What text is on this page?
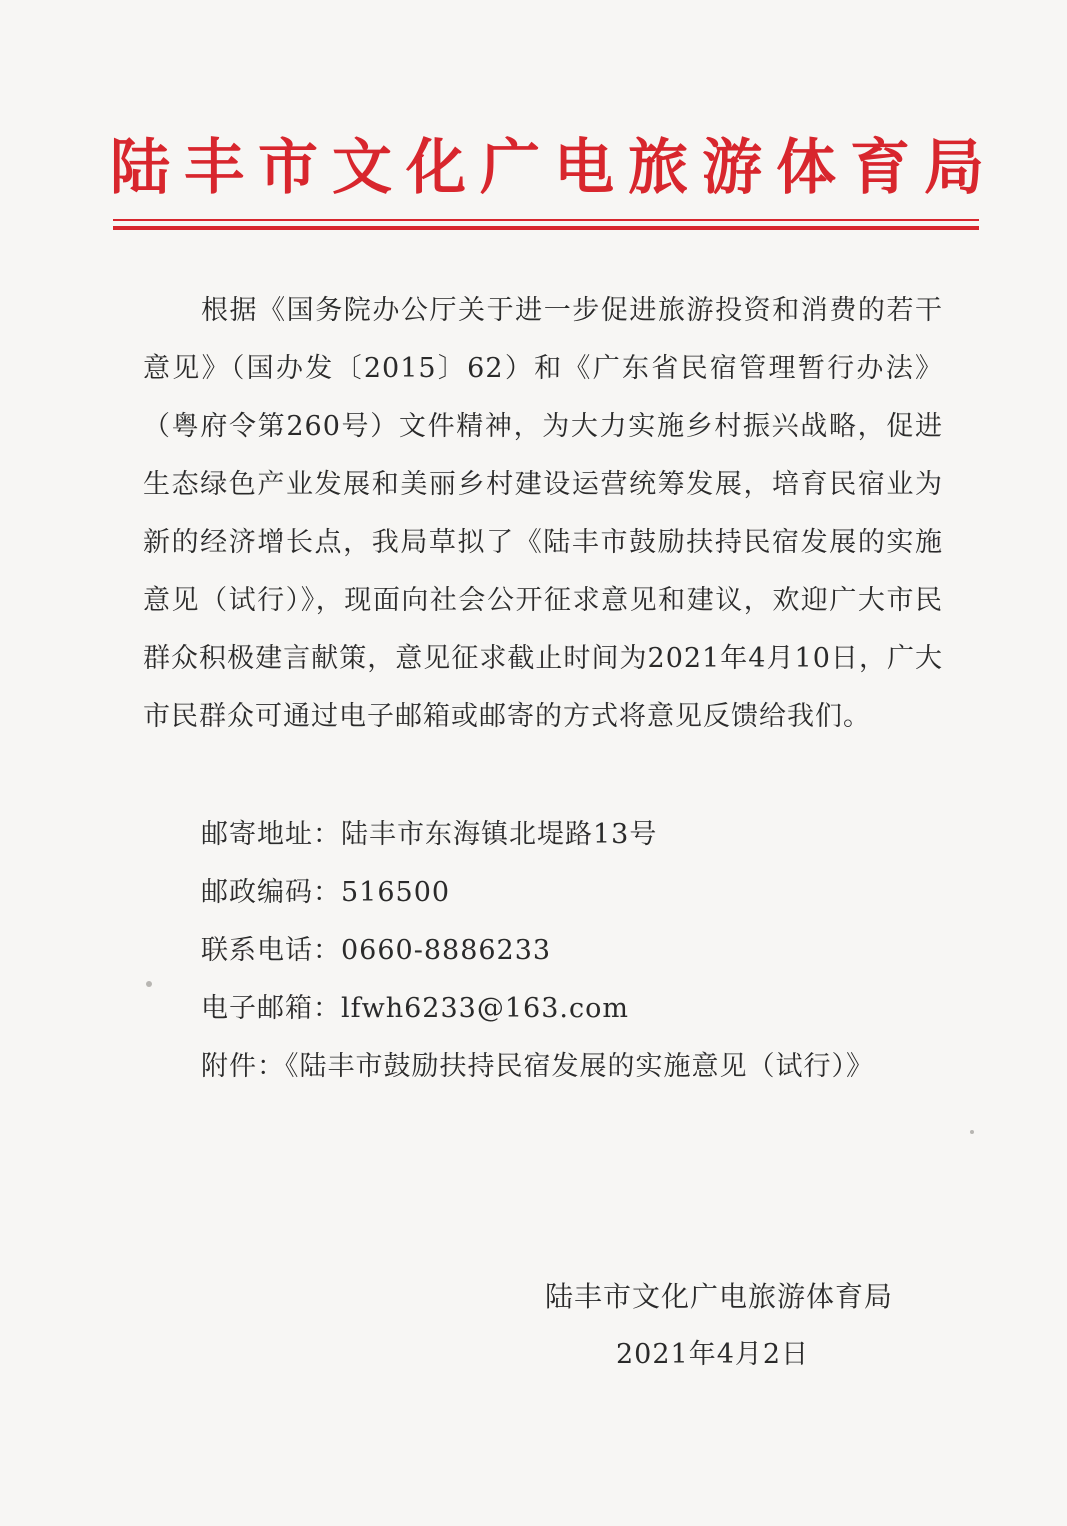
陆丰市文化广电旅游体育局

根据《国务院办公厅关于进一步促进旅游投资和消费的若干意见》（国办发〔2015〕62）和《广东省民宿管理暂行办法》（粤府令第260号）文件精神，为大力实施乡村振兴战略，促进生态绿色产业发展和美丽乡村建设运营统筹发展，培育民宿业为新的经济增长点，我局草拟了《陆丰市鼓励扶持民宿发展的实施意见（试行）》，现面向社会公开征求意见和建议，欢迎广大市民群众积极建言献策，意见征求截止时间为2021年4月10日，广大市民群众可通过电子邮箱或邮寄的方式将意见反馈给我们。

邮寄地址：陆丰市东海镇北堤路13号
邮政编码：516500
联系电话：0660-8886233
电子邮箱：lfwh6233@163.com
附件：《陆丰市鼓励扶持民宿发展的实施意见（试行）》
陆丰市文化广电旅游体育局
2021年4月2日
